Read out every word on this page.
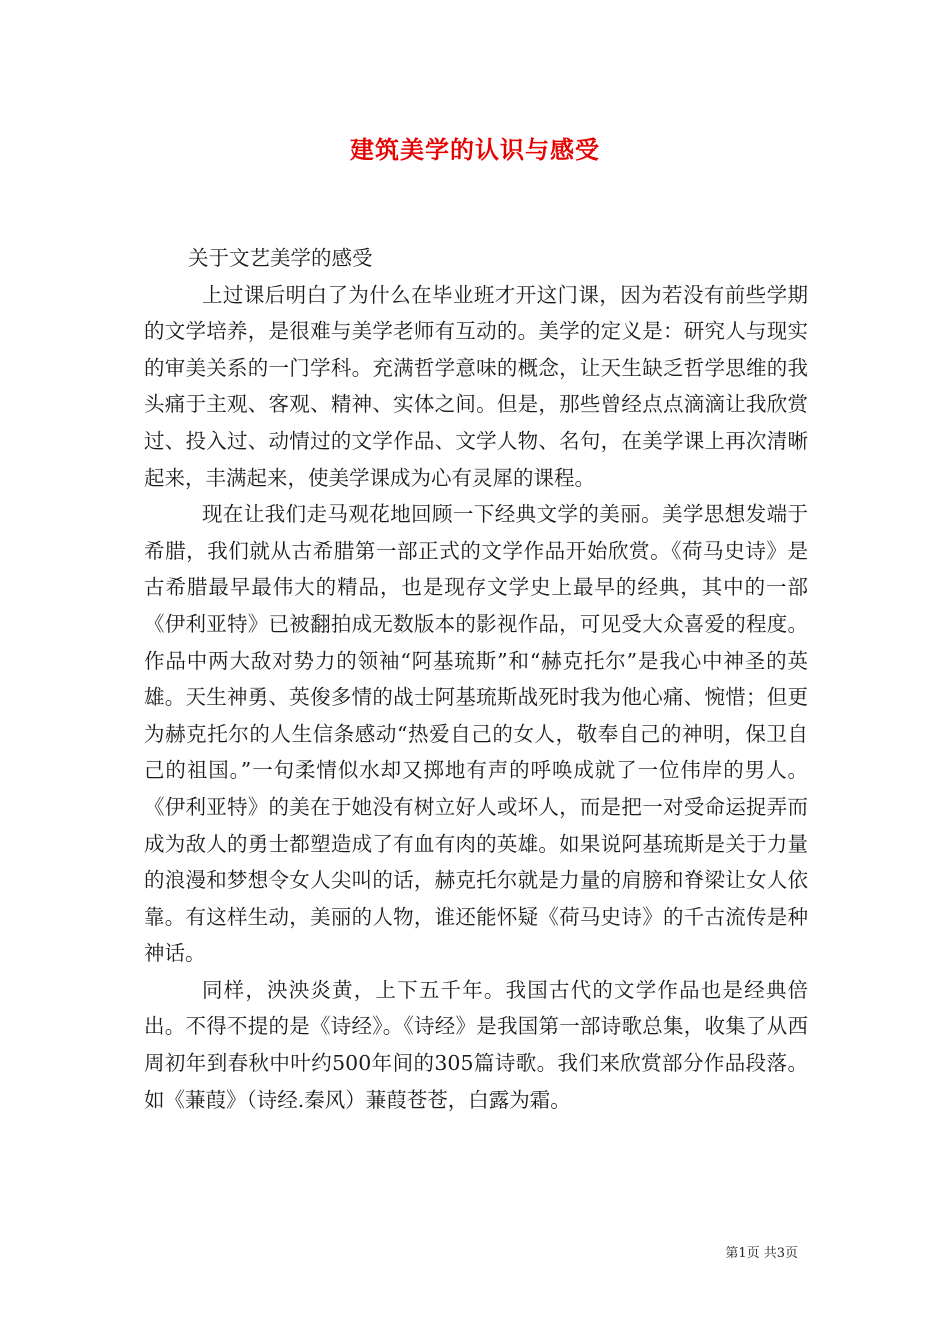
建筑美学的认识与感受

关于文艺美学的感受

上过课后明白了为什么在毕业班才开这门课，因为若没有前些学期的文学培养，是很难与美学老师有互动的。美学的定义是：研究人与现实的审美关系的一门学科。充满哲学意味的概念，让天生缺乏哲学思维的我头痛于主观、客观、精神、实体之间。但是，那些曾经点点滴滴让我欣赏过、投入过、动情过的文学作品、文学人物、名句，在美学课上再次清晰起来，丰满起来，使美学课成为心有灵犀的课程。

现在让我们走马观花地回顾一下经典文学的美丽。美学思想发端于希腊，我们就从古希腊第一部正式的文学作品开始欣赏。《荷马史诗》是古希腊最早最伟大的精品，也是现存文学史上最早的经典，其中的一部《伊利亚特》已被翻拍成无数版本的影视作品，可见受大众喜爱的程度。作品中两大敌对势力的领袖“阿基琉斯”和“赫克托尔”是我心中神圣的英雄。天生神勇、英俊多情的战士阿基琉斯战死时我为他心痛、惋惜；但更为赫克托尔的人生信条感动“热爱自己的女人，敬奉自己的神明，保卫自己的祖国。”一句柔情似水却又掷地有声的呼唤成就了一位伟岸的男人。《伊利亚特》的美在于她没有树立好人或坏人，而是把一对受命运捉弄而成为敌人的勇士都塑造成了有血有肉的英雄。如果说阿基琉斯是关于力量的浪漫和梦想令女人尖叫的话，赫克托尔就是力量的肩膀和脊梁让女人依靠。有这样生动，美丽的人物，谁还能怀疑《荷马史诗》的千古流传是种神话。

同样，泱泱炎黄，上下五千年。我国古代的文学作品也是经典倍出。不得不提的是《诗经》。《诗经》是我国第一部诗歌总集，收集了从西周初年到春秋中叶约500年间的305篇诗歌。我们来欣赏部分作品段落。如《蒹葭》（诗经.秦风）蒹葭苍苍，白露为霜。

第1页 共3页
